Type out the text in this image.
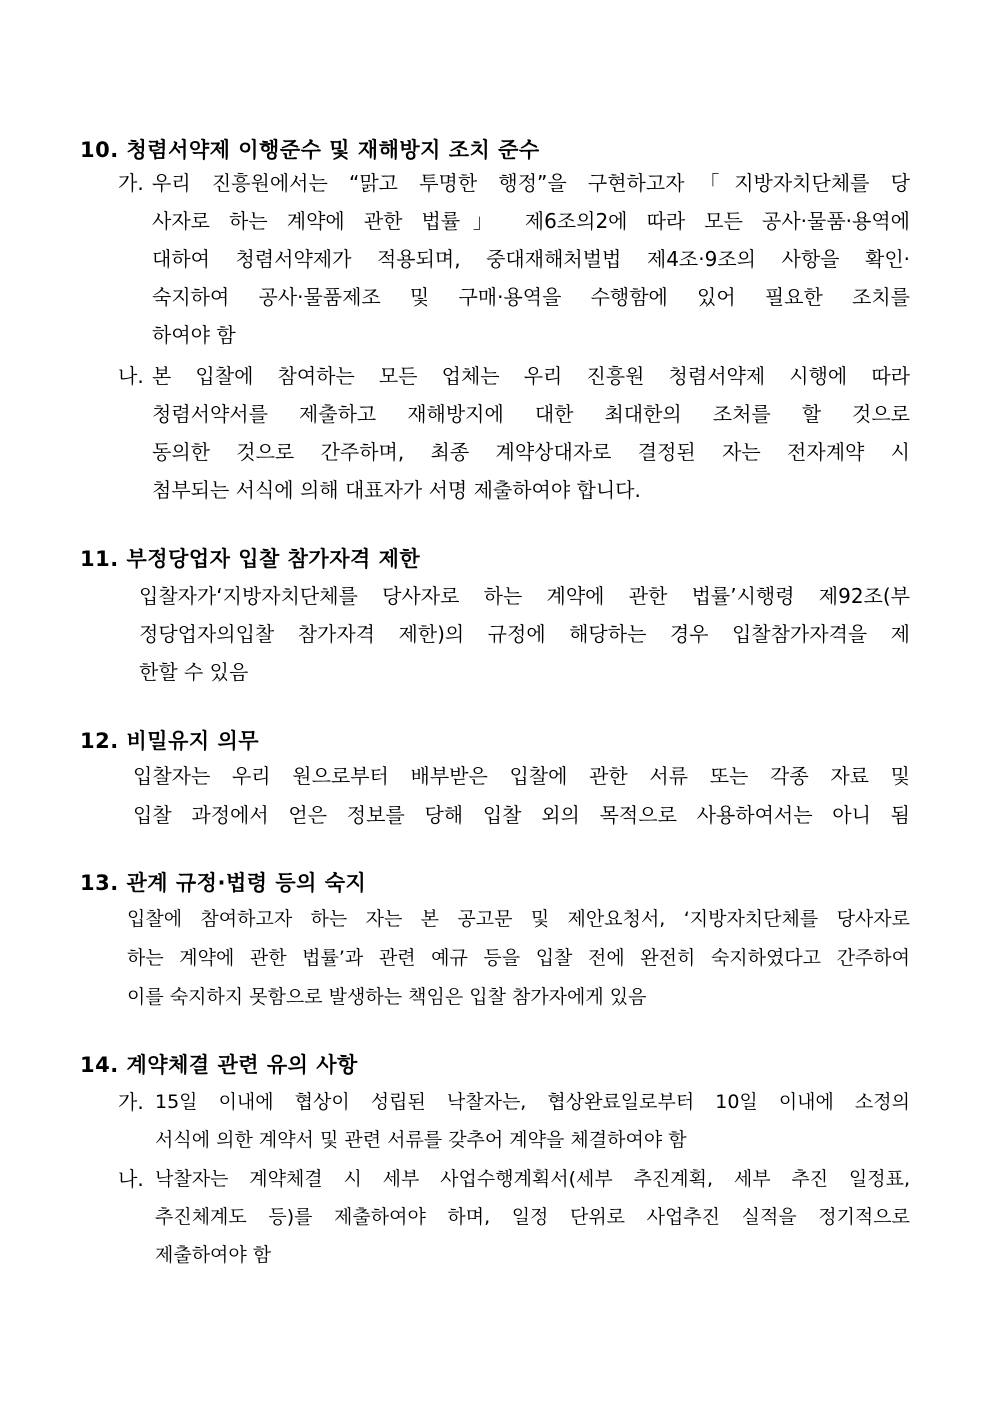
10. 청렴서약제 이행준수 및 재해방지 조치 준수
가. 우리 진흥원에서는 “맑고 투명한 행정”을 구현하고자「지방자치단체를 당
사자로 하는 계약에 관한 법률」 제6조의2에 따라 모든 공사·물품·용역에
대하여 청렴서약제가 적용되며, 중대재해처벌법 제4조·9조의 사항을 확인·
숙지하여 공사·물품제조 및 구매·용역을 수행함에 있어 필요한 조치를
하여야 함
나. 본 입찰에 참여하는 모든 업체는 우리 진흥원 청렴서약제 시행에 따라
청렴서약서를 제출하고 재해방지에 대한 최대한의 조처를 할 것으로
동의한 것으로 간주하며, 최종 계약상대자로 결정된 자는 전자계약 시
첨부되는 서식에 의해 대표자가 서명 제출하여야 합니다.
11. 부정당업자 입찰 참가자격 제한
입찰자가‘지방자치단체를 당사자로 하는 계약에 관한 법률’시행령 제92조(부
정당업자의입찰 참가자격 제한)의 규정에 해당하는 경우 입찰참가자격을 제
한할 수 있음
12. 비밀유지 의무
입찰자는 우리 원으로부터 배부받은 입찰에 관한 서류 또는 각종 자료 및
입찰 과정에서 얻은 정보를 당해 입찰 외의 목적으로 사용하여서는 아니 됨
13. 관계 규정·법령 등의 숙지
입찰에 참여하고자 하는 자는 본 공고문 및 제안요청서, ‘지방자치단체를 당사자로
하는 계약에 관한 법률’과 관련 예규 등을 입찰 전에 완전히 숙지하였다고 간주하여
이를 숙지하지 못함으로 발생하는 책임은 입찰 참가자에게 있음
14. 계약체결 관련 유의 사항
가. 15일 이내에 협상이 성립된 낙찰자는, 협상완료일로부터 10일 이내에 소정의
서식에 의한 계약서 및 관련 서류를 갖추어 계약을 체결하여야 함
나. 낙찰자는 계약체결 시 세부 사업수행계획서(세부 추진계획, 세부 추진 일정표,
추진체계도 등)를 제출하여야 하며, 일정 단위로 사업추진 실적을 정기적으로
제출하여야 함
